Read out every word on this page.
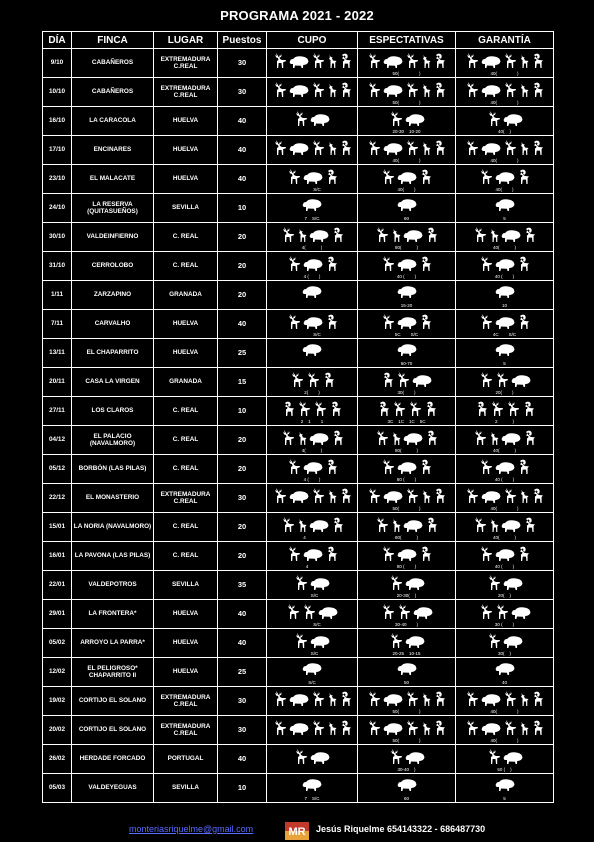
PROGRAMA 2021 - 2022
DÍA	FINCA	LUGAR	Puestos	CUPO	ESPECTATIVAS	GARANTÍA
9/10	CABAÑEROS	EXTREMADURA C.REAL	30		50( )	40( )

10/10	CABAÑEROS	EXTREMADURA C.REAL	30		50( )	40( )

16/10	LA CARACOLA	HUELVA	40		20-30 10-20	40( )

17/10	ENCINARES	HUELVA	40		40( )	40( )

23/10	EL MALACATE	HUELVA	40	S/C	40( )	40( )

24/10	LA RESERVA (QUITASUEÑOS)	SEVILLA	10	7 S/C	60	5

30/10	VALDEINFIERNO	C. REAL	20	4( )	80( )	40( )

31/10	CERROLOBO	C. REAL	20	4 ( )	40 ( )	40 ( )

1/11	ZARZAPINO	GRANADA	20		15-20	10

7/11	CARVALHO	HUELVA	40	S/C	5C S/C	4C S/C

13/11	EL CHAPARRITO	HUELVA	25		60-70	5

20/11	CASA LA VIRGEN	GRANADA	15	2( )	30( )	20( )

27/11	LOS CLAROS	C. REAL	10	2 1 1	3C 1C 1C 5C	2 )

04/12	EL PALACIO (NAVALMORO)	C. REAL	20	4( )	80( )	40( )

05/12	BORBÓN (LAS PILAS)	C. REAL	20	4 ( )	80 ( )	40 ( )

22/12	EL MONASTERIO	EXTREMADURA C.REAL	30		50( )	40( )

15/01	LA NORIA (NAVALMORO)	C. REAL	20	4	80( )	40( )

16/01	LA PAVONA (LAS PILAS)	C. REAL	20	4	80 ( )	40 ( )

22/01	VALDEPOTROS	SEVILLA	35	S/C	20-30( )	20( )

29/01	LA FRONTERA*	HUELVA	40	S/C	30-40 )	30 ( )

05/02	ARROYO LA PARRA*	HUELVA	40	S/C	20-25 10-15	30( )

12/02	EL PELIGROSO* CHAPARRITO II	HUELVA	25	S/C	50	40

19/02	CORTIJO EL SOLANO	EXTREMADURA C.REAL	30		50( )	40( )

20/02	CORTIJO EL SOLANO	EXTREMADURA C.REAL	30		50( )	40( )

26/02	HERDADE FORCADO	PORTUGAL	40		30-40 )	50 ( )

05/03	VALDEYEGUAS	SEVILLA	10	7 S/C	60	5
monteriasriquelme@gmail.com	MR Jesús Riquelme 654143322 - 686487730
